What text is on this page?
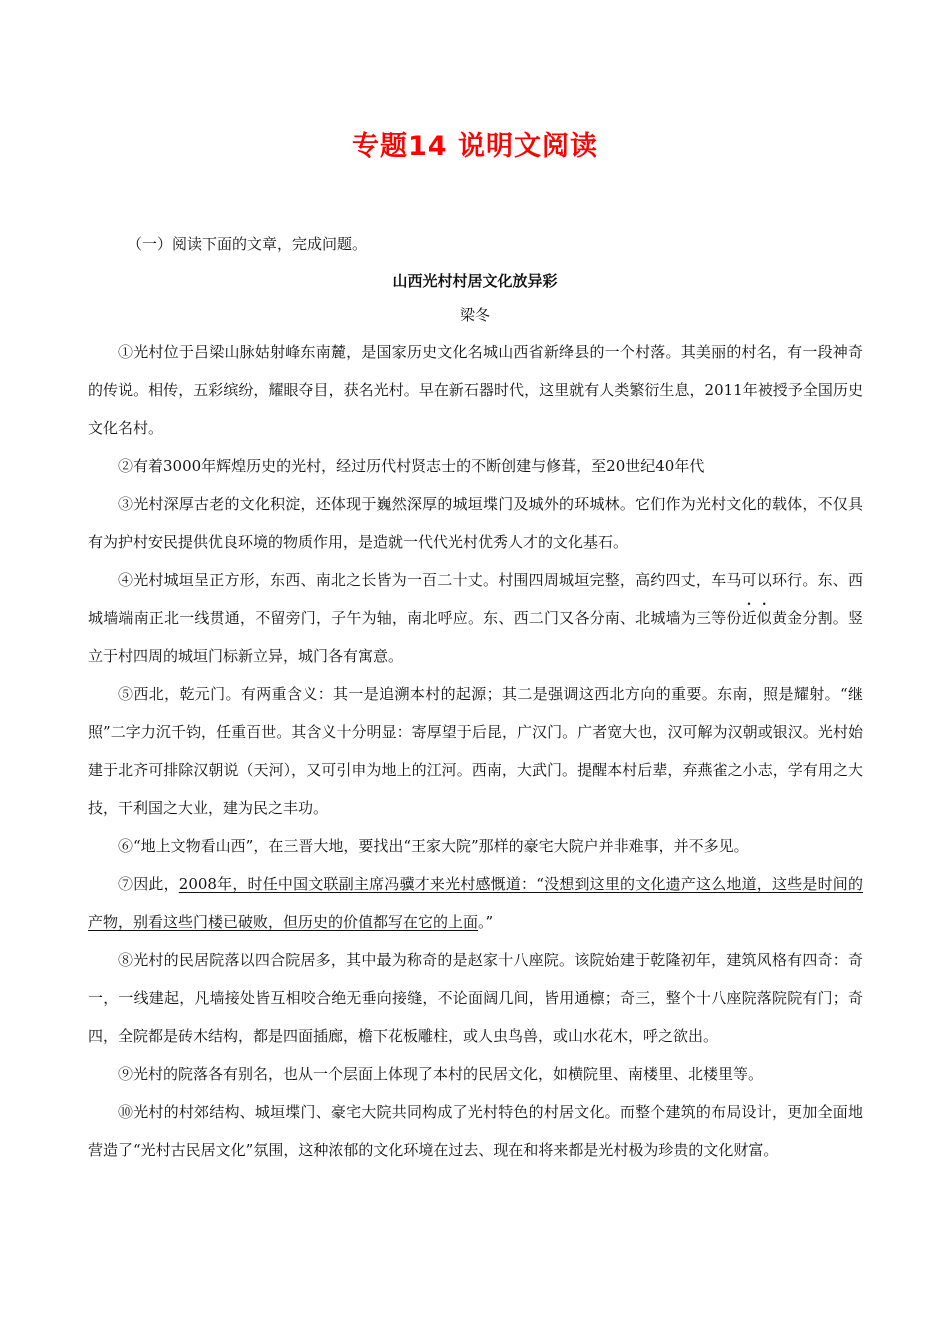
专题14 说明文阅读

（一）阅读下面的文章，完成问题。

山西光村村居文化放异彩

梁冬

①光村位于吕梁山脉姑射峰东南麓，是国家历史文化名城山西省新绛县的一个村落。其美丽的村名，有一段神奇的传说。相传，五彩缤纷，耀眼夺目，获名光村。早在新石器时代，这里就有人类繁衍生息，2011年被授予全国历史文化名村。

②有着3000年辉煌历史的光村，经过历代村贤志士的不断创建与修葺，至20世纪40年代

③光村深厚古老的文化积淀，还体现于巍然深厚的城垣堞门及城外的环城林。它们作为光村文化的载体，不仅具有为护村安民提供优良环境的物质作用，是造就一代代光村优秀人才的文化基石。

④光村城垣呈正方形，东西、南北之长皆为一百二十丈。村围四周城垣完整，高约四丈，车马可以环行。东、西城墙端南正北一线贯通，不留旁门，子午为轴，南北呼应。东、西二门又各分南、北城墙为三等份近似黄金分割。竖立于村四周的城垣门标新立异，城门各有寓意。

⑤西北，乾元门。有两重含义：其一是追溯本村的起源；其二是强调这西北方向的重要。东南，照是耀射。“继照”二字力沉千钧，任重百世。其含义十分明显：寄厚望于后昆，广汉门。广者宽大也，汉可解为汉朝或银汉。光村始建于北齐可排除汉朝说（天河），又可引申为地上的江河。西南，大武门。提醒本村后辈，弃燕雀之小志，学有用之大技，干利国之大业，建为民之丰功。

⑥“地上文物看山西”，在三晋大地，要找出“王家大院”那样的豪宅大院户并非难事，并不多见。

⑦因此，2008年，时任中国文联副主席冯骥才来光村感慨道：“没想到这里的文化遗产这么地道，这些是时间的产物，别看这些门楼已破败，但历史的价值都写在它的上面。”

⑧光村的民居院落以四合院居多，其中最为称奇的是赵家十八座院。该院始建于乾隆初年，建筑风格有四奇：奇一，一线建起，凡墙接处皆互相咬合绝无垂向接缝，不论面阔几间，皆用通檩；奇三，整个十八座院落院院有门；奇四，全院都是砖木结构，都是四面插廊，檐下花板雕柱，或人虫鸟兽，或山水花木，呼之欲出。

⑨光村的院落各有别名，也从一个层面上体现了本村的民居文化，如横院里、南楼里、北楼里等。

⑩光村的村郊结构、城垣堞门、豪宅大院共同构成了光村特色的村居文化。而整个建筑的布局设计，更加全面地营造了“光村古民居文化”氛围，这种浓郁的文化环境在过去、现在和将来都是光村极为珍贵的文化财富。
